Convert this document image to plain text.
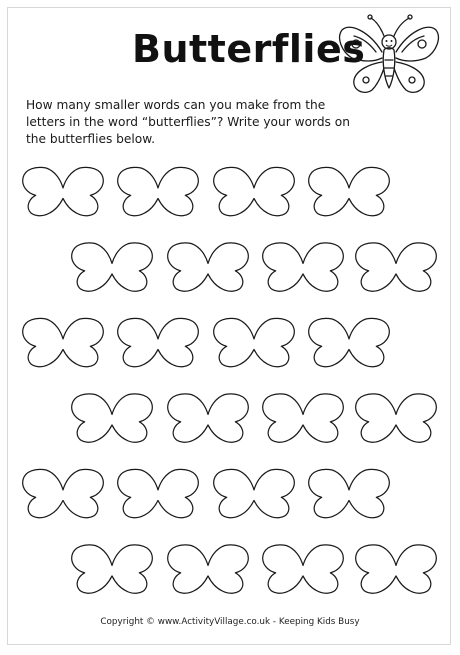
Butterflies
How many smaller words can you make from the letters in the word “butterflies”? Write your words on the butterflies below.
Copyright © www.ActivityVillage.co.uk - Keeping Kids Busy
